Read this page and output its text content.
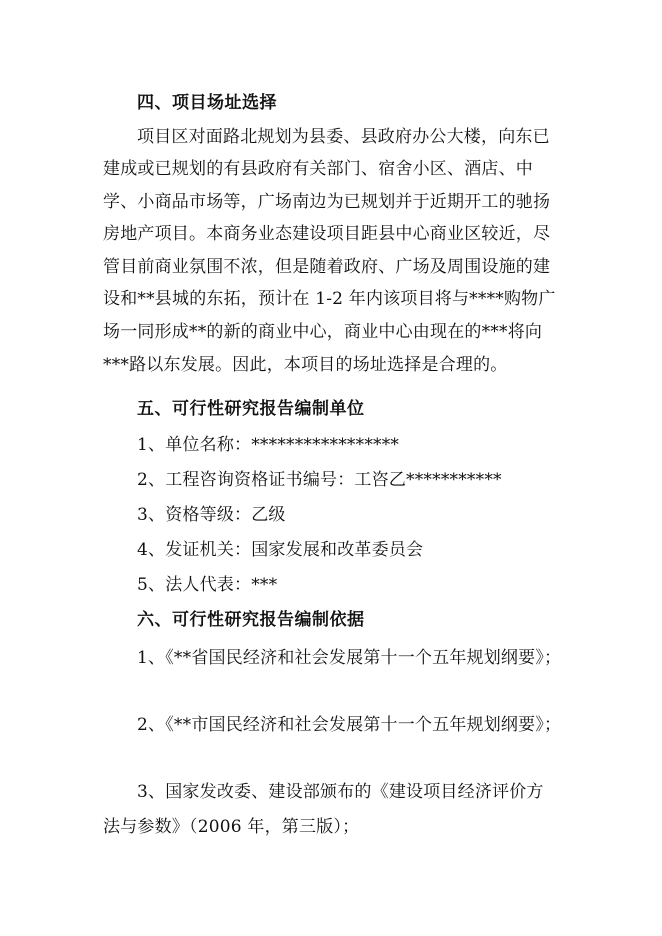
四、项目场址选择
项目区对面路北规划为县委、县政府办公大楼，向东已
建成或已规划的有县政府有关部门、宿舍小区、酒店、中
学、小商品市场等，广场南边为已规划并于近期开工的驰扬
房地产项目。本商务业态建设项目距县中心商业区较近，尽
管目前商业氛围不浓，但是随着政府、广场及周围设施的建
设和**县城的东拓，预计在 1-2 年内该项目将与****购物广
场一同形成**的新的商业中心，商业中心由现在的***将向
***路以东发展。因此，本项目的场址选择是合理的。
五、可行性研究报告编制单位
1、单位名称：*****************
2、工程咨询资格证书编号：工咨乙***********
3、资格等级：乙级
4、发证机关：国家发展和改革委员会
5、法人代表：***
六、可行性研究报告编制依据
1、《**省国民经济和社会发展第十一个五年规划纲要》；
2、《**市国民经济和社会发展第十一个五年规划纲要》；
3、国家发改委、建设部颁布的《建设项目经济评价方
法与参数》（2006 年，第三版）；
